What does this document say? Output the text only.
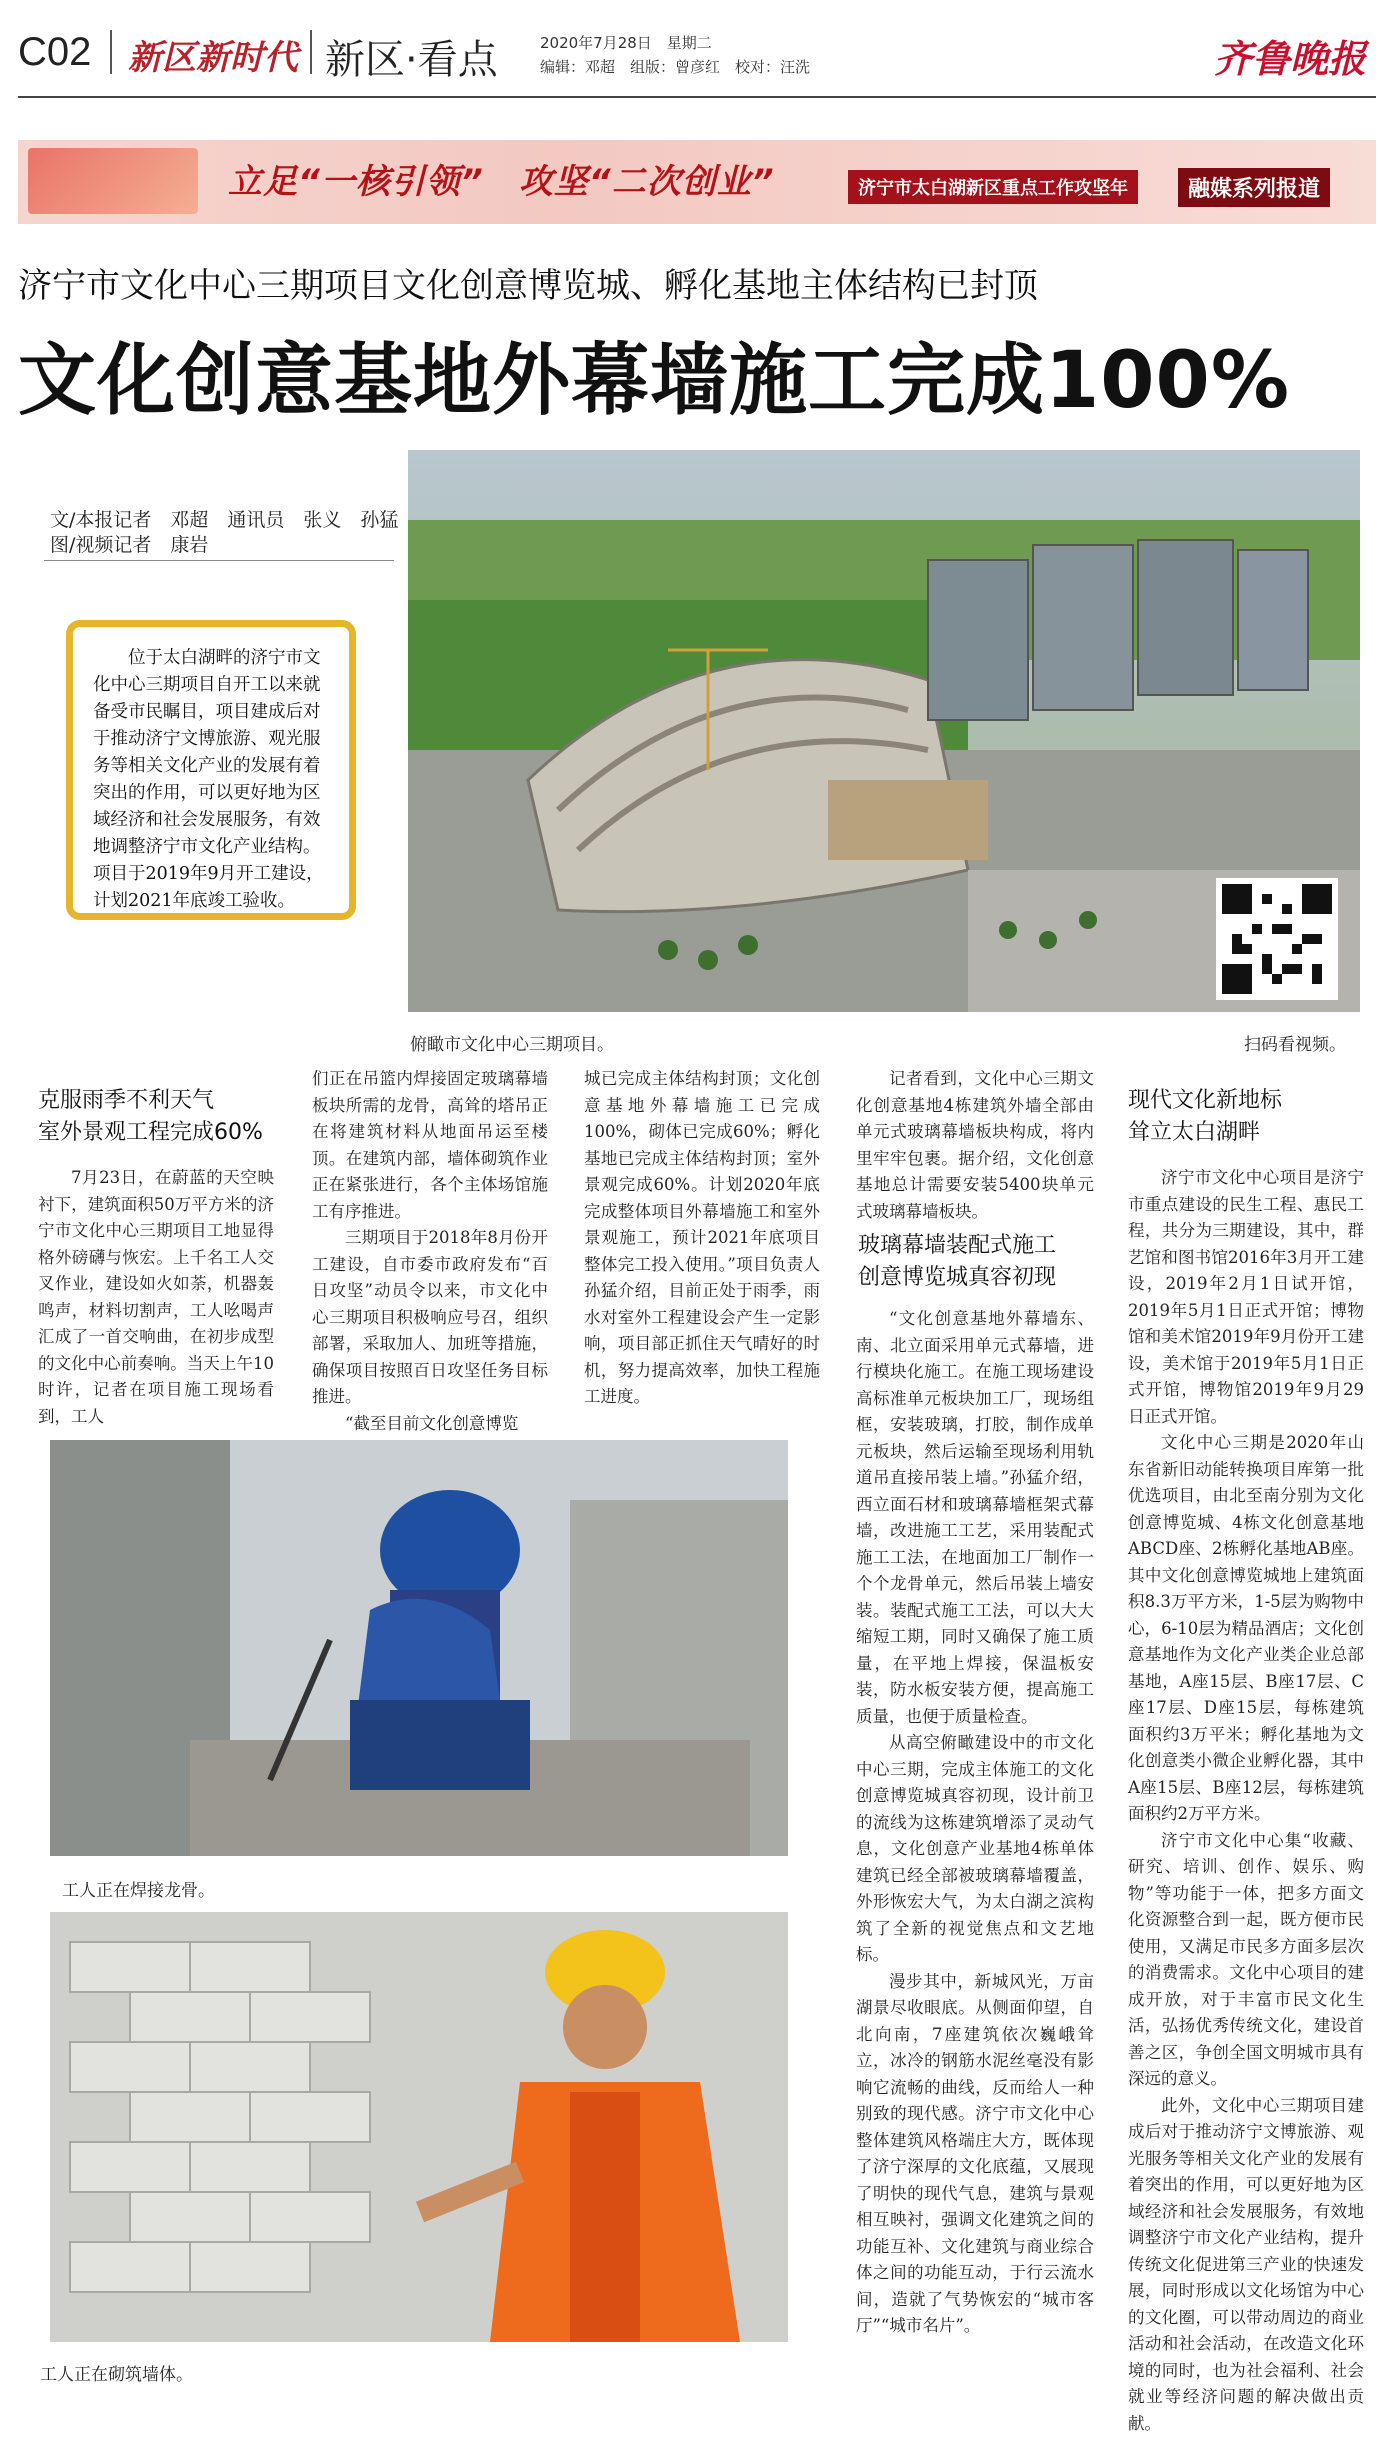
C02 新区新时代 新区·看点	2020年7月28日　星期二
编辑：邓超　组版：曾彦红　校对：汪洗	齐鲁晚报
立足“一核引领”　攻坚“二次创业”	济宁市太白湖新区重点工作攻坚年	融媒系列报道
济宁市文化中心三期项目文化创意博览城、孵化基地主体结构已封顶
文化创意基地外幕墙施工完成100%
文/本报记者　邓超　通讯员　张义　孙猛
图/视频记者　康岩
位于太白湖畔的济宁市文化中心三期项目自开工以来就备受市民瞩目，项目建成后对于推动济宁文博旅游、观光服务等相关文化产业的发展有着突出的作用，可以更好地为区域经济和社会发展服务，有效地调整济宁市文化产业结构。项目于2019年9月开工建设，计划2021年底竣工验收。
俯瞰市文化中心三期项目。	扫码看视频。
克服雨季不利天气
室外景观工程完成60%

7月23日，在蔚蓝的天空映衬下，建筑面积50万平方米的济宁市文化中心三期项目工地显得格外磅礴与恢宏。上千名工人交叉作业，建设如火如荼，机器轰鸣声，材料切割声，工人吆喝声汇成了一首交响曲，在初步成型的文化中心前奏响。当天上午10时许，记者在项目施工现场看到，工人

们正在吊篮内焊接固定玻璃幕墙板块所需的龙骨，高耸的塔吊正在将建筑材料从地面吊运至楼顶。在建筑内部，墙体砌筑作业正在紧张进行，各个主体场馆施工有序推进。

三期项目于2018年8月份开工建设，自市委市政府发布“百日攻坚”动员令以来，市文化中心三期项目积极响应号召，组织部署，采取加人、加班等措施，确保项目按照百日攻坚任务目标推进。

“截至目前文化创意博览

城已完成主体结构封顶；文化创意基地外幕墙施工已完成100%，砌体已完成60%；孵化基地已完成主体结构封顶；室外景观完成60%。计划2020年底完成整体项目外幕墙施工和室外景观施工，预计2021年底项目整体完工投入使用。”项目负责人孙猛介绍，目前正处于雨季，雨水对室外工程建设会产生一定影响，项目部正抓住天气晴好的时机，努力提高效率，加快工程施工进度。

工人正在焊接龙骨。
工人正在砌筑墙体。

记者看到，文化中心三期文化创意基地4栋建筑外墙全部由单元式玻璃幕墙板块构成，将内里牢牢包裹。据介绍，文化创意基地总计需要安装5400块单元式玻璃幕墙板块。

玻璃幕墙装配式施工
创意博览城真容初现

“文化创意基地外幕墙东、南、北立面采用单元式幕墙，进行模块化施工。在施工现场建设高标准单元板块加工厂，现场组框，安装玻璃，打胶，制作成单元板块，然后运输至现场利用轨道吊直接吊装上墙。”孙猛介绍，西立面石材和玻璃幕墙框架式幕墙，改进施工工艺，采用装配式施工工法，在地面加工厂制作一个个龙骨单元，然后吊装上墙安装。装配式施工工法，可以大大缩短工期，同时又确保了施工质量，在平地上焊接，保温板安装，防水板安装方便，提高施工质量，也便于质量检查。

从高空俯瞰建设中的市文化中心三期，完成主体施工的文化创意博览城真容初现，设计前卫的流线为这栋建筑增添了灵动气息，文化创意产业基地4栋单体建筑已经全部被玻璃幕墙覆盖，外形恢宏大气，为太白湖之滨构筑了全新的视觉焦点和文艺地标。

漫步其中，新城风光，万亩湖景尽收眼底。从侧面仰望，自北向南，7座建筑依次巍峨耸立，冰冷的钢筋水泥丝毫没有影响它流畅的曲线，反而给人一种别致的现代感。济宁市文化中心整体建筑风格端庄大方，既体现了济宁深厚的文化底蕴，又展现了明快的现代气息，建筑与景观相互映衬，强调文化建筑之间的功能互补、文化建筑与商业综合体之间的功能互动，于行云流水间，造就了气势恢宏的“城市客厅”“城市名片”。

现代文化新地标
耸立太白湖畔

济宁市文化中心项目是济宁市重点建设的民生工程、惠民工程，共分为三期建设，其中，群艺馆和图书馆2016年3月开工建设，2019年2月1日试开馆，2019年5月1日正式开馆；博物馆和美术馆2019年9月份开工建设，美术馆于2019年5月1日正式开馆，博物馆2019年9月29日正式开馆。

文化中心三期是2020年山东省新旧动能转换项目库第一批优选项目，由北至南分别为文化创意博览城、4栋文化创意基地ABCD座、2栋孵化基地AB座。其中文化创意博览城地上建筑面积8.3万平方米，1-5层为购物中心，6-10层为精品酒店；文化创意基地作为文化产业类企业总部基地，A座15层、B座17层、C座17层、D座15层，每栋建筑面积约3万平米；孵化基地为文化创意类小微企业孵化器，其中A座15层、B座12层，每栋建筑面积约2万平方米。

济宁市文化中心集“收藏、研究、培训、创作、娱乐、购物”等功能于一体，把多方面文化资源整合到一起，既方便市民使用，又满足市民多方面多层次的消费需求。文化中心项目的建成开放，对于丰富市民文化生活，弘扬优秀传统文化，建设首善之区，争创全国文明城市具有深远的意义。

此外，文化中心三期项目建成后对于推动济宁文博旅游、观光服务等相关文化产业的发展有着突出的作用，可以更好地为区域经济和社会发展服务，有效地调整济宁市文化产业结构，提升传统文化促进第三产业的快速发展，同时形成以文化场馆为中心的文化圈，可以带动周边的商业活动和社会活动，在改造文化环境的同时，也为社会福利、社会就业等经济问题的解决做出贡献。
